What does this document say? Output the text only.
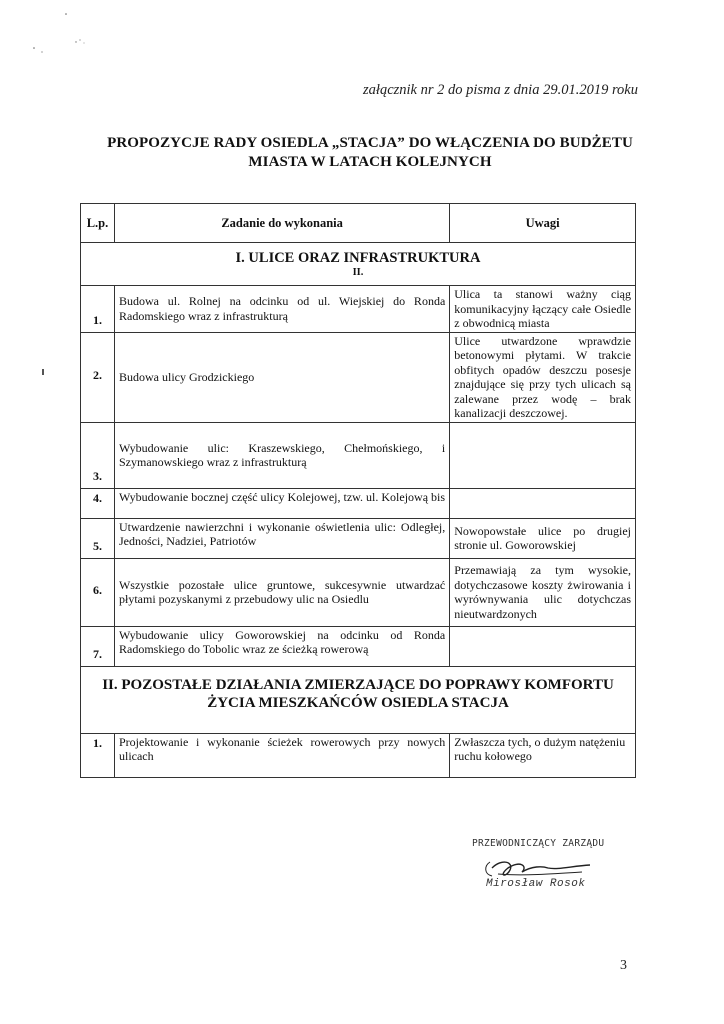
załącznik nr 2 do pisma z dnia 29.01.2019 roku
PROPOZYCJE RADY OSIEDLA „STACJA” DO WŁĄCZENIA DO BUDŻETU
MIASTA W LATACH KOLEJNYCH
L.p.	Zadanie do wykonania	Uwagi
I. ULICE ORAZ INFRASTRUKTURA
II.		

1.	Budowa ul. Rolnej na odcinku od ul. Wiejskiej do Ronda Radomskiego wraz z infrastrukturą	Ulica ta stanowi ważny ciąg komunikacyjny łączący całe Osiedle z obwodnicą miasta
2.	Budowa ulicy Grodzickiego	Ulice utwardzone wprawdzie betonowymi płytami. W trakcie obfitych opadów deszczu posesje znajdujące się przy tych ulicach są zalewane przez wodę – brak kanalizacji deszczowej.
3.	Wybudowanie ulic: Kraszewskiego, Chełmońskiego, i Szymanowskiego wraz z infrastrukturą	
4.	Wybudowanie bocznej część ulicy Kolejowej, tzw. ul. Kolejową bis	
5.	Utwardzenie nawierzchni i wykonanie oświetlenia ulic: Odległej, Jedności, Nadziei, Patriotów	Nowopowstałe ulice po drugiej stronie ul. Goworowskiej
6.	Wszystkie pozostałe ulice gruntowe, sukcesywnie utwardzać płytami pozyskanymi z przebudowy ulic na Osiedlu	Przemawiają za tym wysokie, dotychczasowe koszty żwirowania i wyrównywania ulic dotychczas nieutwardzonych
7.	Wybudowanie ulicy Goworowskiej na odcinku od Ronda Radomskiego do Tobolic wraz ze ścieżką rowerową	

II. POZOSTAŁE DZIAŁANIA ZMIERZAJĄCE DO POPRAWY KOMFORTU
ŻYCIA MIESZKAŃCÓW OSIEDLA STACJA		

1.	Projektowanie i wykonanie ścieżek rowerowych przy nowych ulicach	Zwłaszcza tych, o dużym natężeniu ruchu kołowego
PRZEWODNICZĄCY ZARZĄDU
Mirosław Rosok
3
